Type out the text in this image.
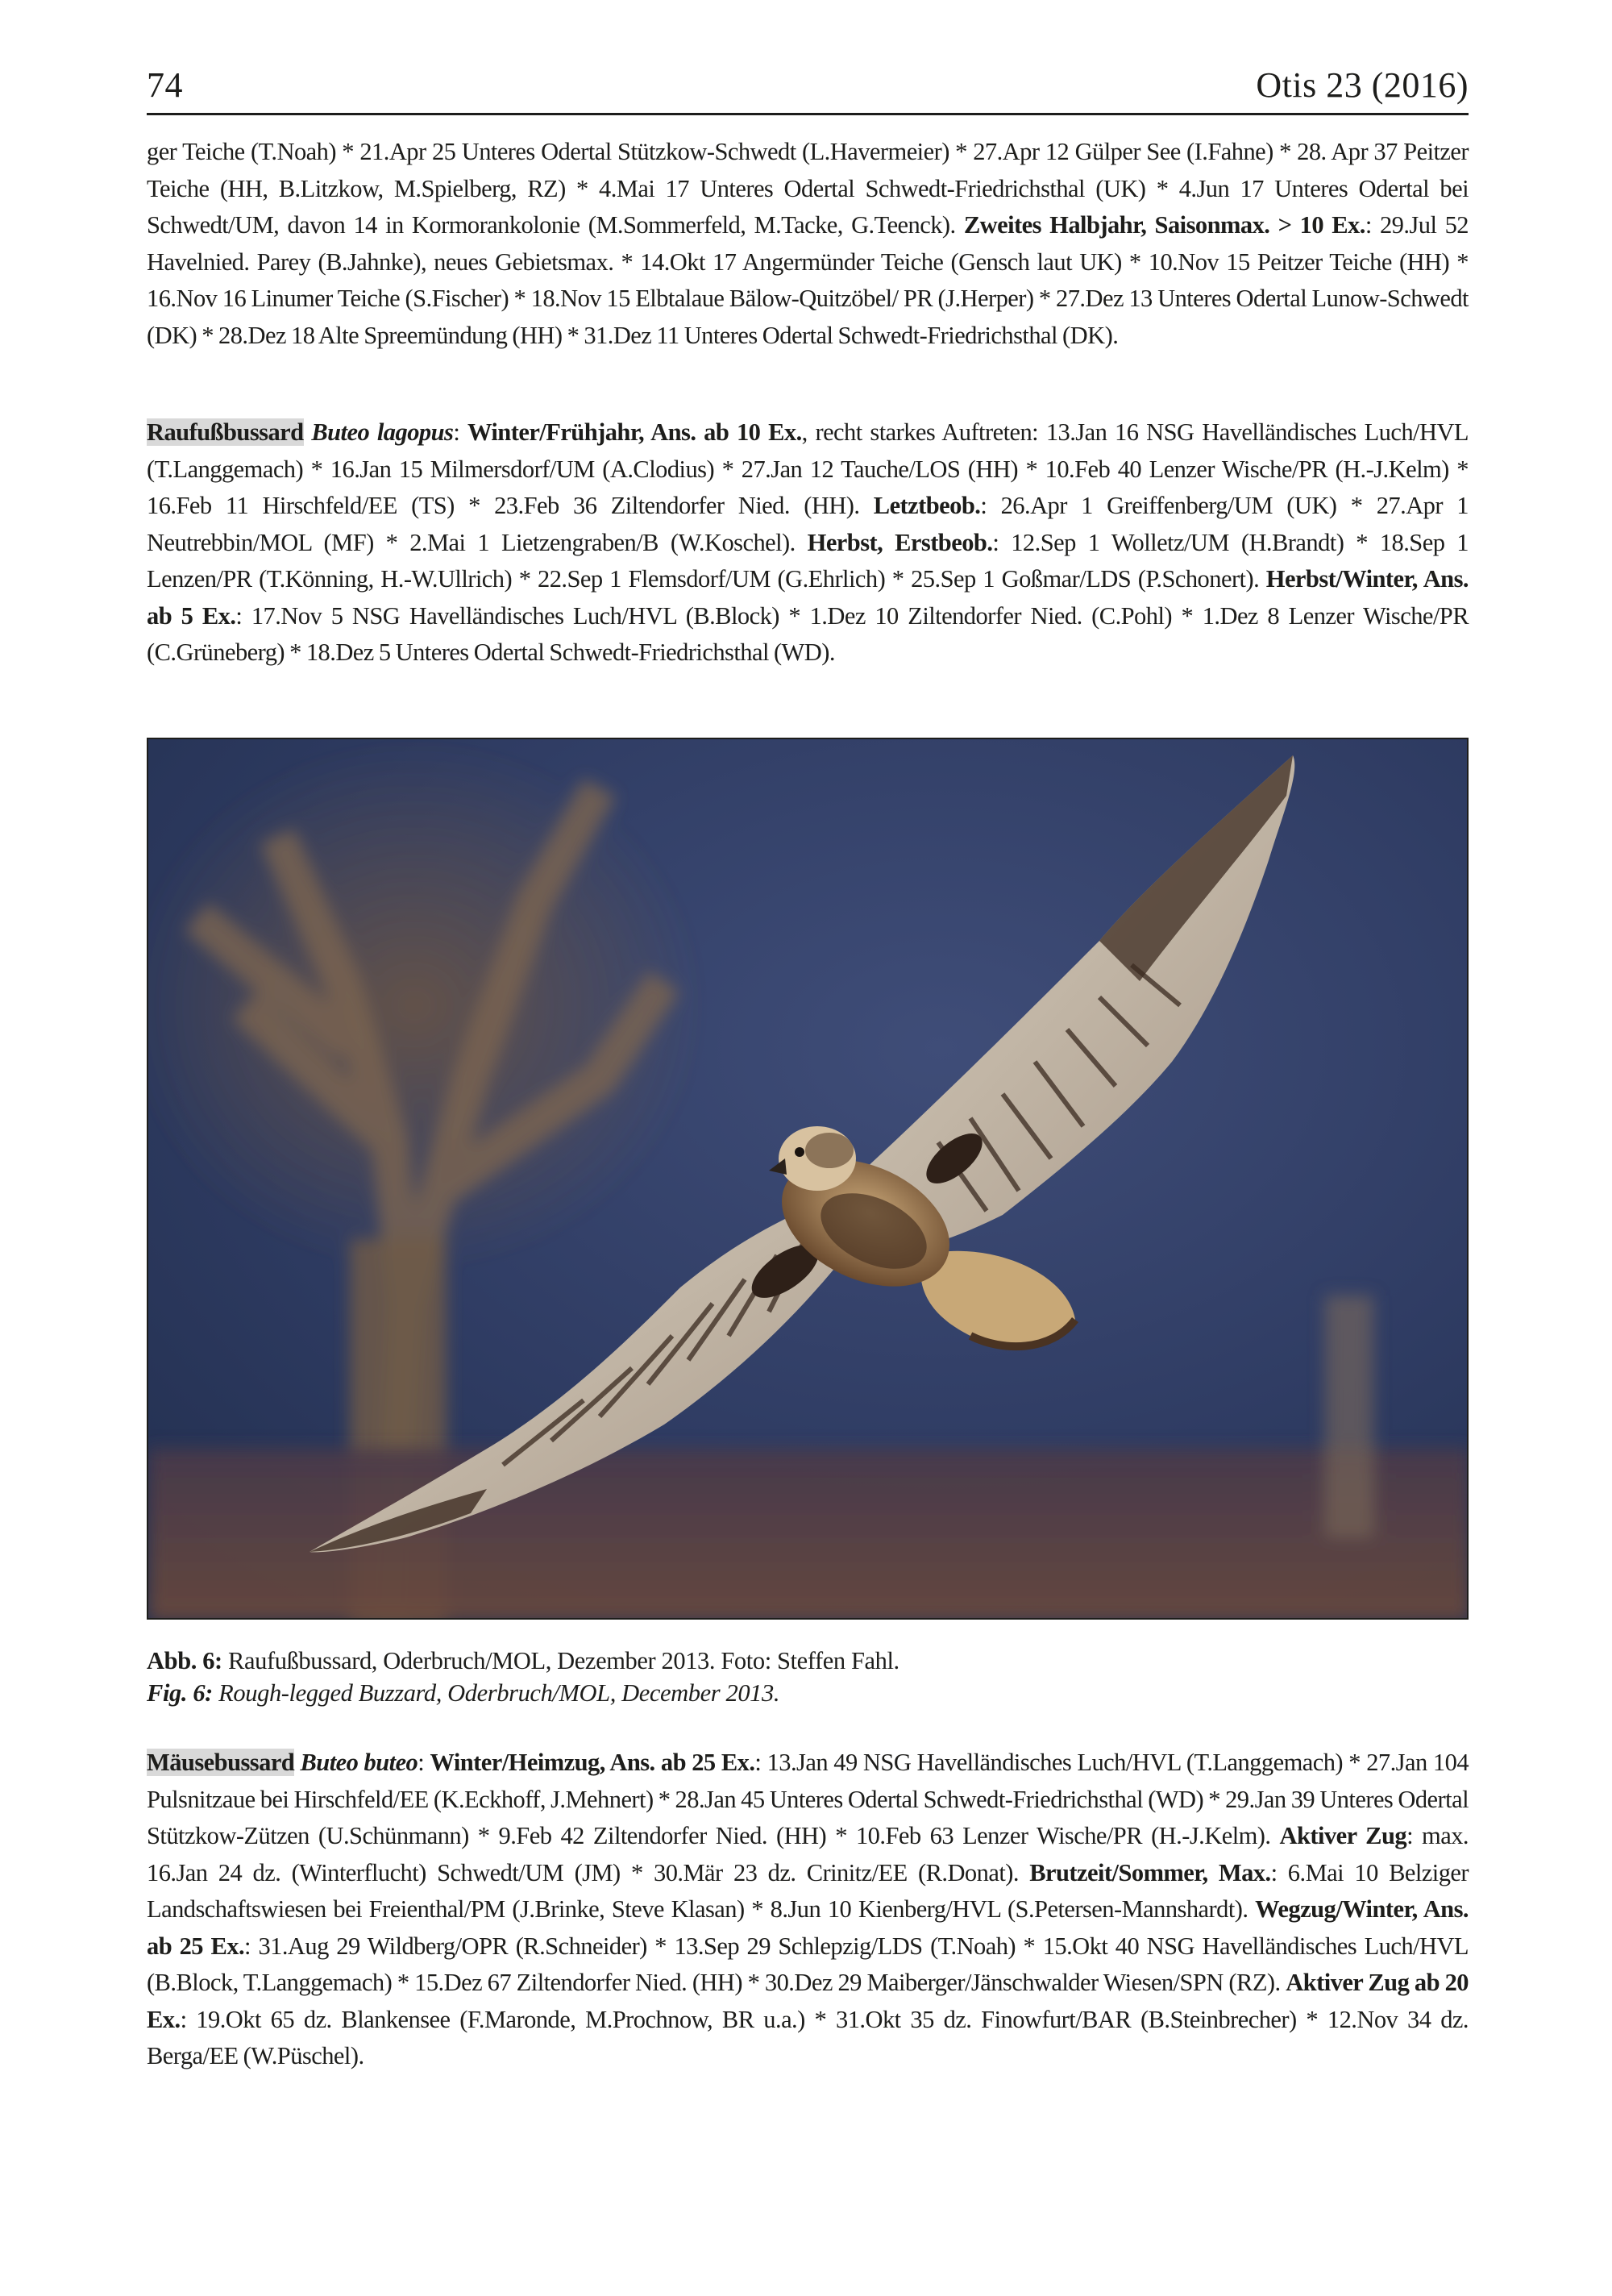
74	Otis 23 (2016)
ger Teiche (T.Noah) * 21.Apr 25 Unteres Odertal Stützkow-Schwedt (L.Havermeier) * 27.Apr 12 Gülper See (I.Fahne) * 28. Apr 37 Peitzer Teiche (HH, B.Litzkow, M.Spielberg, RZ) * 4.Mai 17 Unteres Odertal Schwedt-Friedrichsthal (UK) * 4.Jun 17 Unteres Odertal bei Schwedt/UM, davon 14 in Kormorankolonie (M.Sommerfeld, M.Tacke, G.Teenck). Zweites Halbjahr, Saisonmax. > 10 Ex.: 29.Jul 52 Havelnied. Parey (B.Jahnke), neues Gebietsmax. * 14.Okt 17 Angermünder Teiche (Gensch laut UK) * 10.Nov 15 Peitzer Teiche (HH) * 16.Nov 16 Linumer Teiche (S.Fischer) * 18.Nov 15 Elbtalaue Bälow-Quitzöbel/ PR (J.Herper) * 27.Dez 13 Unteres Odertal Lunow-Schwedt (DK) * 28.Dez 18 Alte Spreemündung (HH) * 31.Dez 11 Unteres Odertal Schwedt-Friedrichsthal (DK).
Raufußbussard Buteo lagopus: Winter/Frühjahr, Ans. ab 10 Ex., recht starkes Auftreten: 13.Jan 16 NSG Havelländisches Luch/HVL (T.Langgemach) * 16.Jan 15 Milmersdorf/UM (A.Clodius) * 27.Jan 12 Tauche/LOS (HH) * 10.Feb 40 Lenzer Wische/PR (H.-J.Kelm) * 16.Feb 11 Hirschfeld/EE (TS) * 23.Feb 36 Ziltendorfer Nied. (HH). Letztbeob.: 26.Apr 1 Greiffenberg/UM (UK) * 27.Apr 1 Neutrebbin/MOL (MF) * 2.Mai 1 Lietzengraben/B (W.Koschel). Herbst, Erstbeob.: 12.Sep 1 Wolletz/UM (H.Brandt) * 18.Sep 1 Lenzen/PR (T.Könning, H.-W.Ullrich) * 22.Sep 1 Flemsdorf/UM (G.Ehrlich) * 25.Sep 1 Goßmar/LDS (P.Schonert). Herbst/Winter, Ans. ab 5 Ex.: 17.Nov 5 NSG Havelländisches Luch/HVL (B.Block) * 1.Dez 10 Ziltendorfer Nied. (C.Pohl) * 1.Dez 8 Lenzer Wische/PR (C.Grüneberg) * 18.Dez 5 Unteres Odertal Schwedt-Friedrichsthal (WD).
Abb. 6: Raufußbussard, Oderbruch/MOL, Dezember 2013. Foto: Steffen Fahl.
Fig. 6: Rough-legged Buzzard, Oderbruch/MOL, December 2013.
Mäusebussard Buteo buteo: Winter/Heimzug, Ans. ab 25 Ex.: 13.Jan 49 NSG Havelländisches Luch/HVL (T.Langgemach) * 27.Jan 104 Pulsnitzaue bei Hirschfeld/EE (K.Eckhoff, J.Mehnert) * 28.Jan 45 Unteres Odertal Schwedt-Friedrichsthal (WD) * 29.Jan 39 Unteres Odertal Stützkow-Zützen (U.Schünmann) * 9.Feb 42 Ziltendorfer Nied. (HH) * 10.Feb 63 Lenzer Wische/PR (H.-J.Kelm). Aktiver Zug: max. 16.Jan 24 dz. (Winterflucht) Schwedt/UM (JM) * 30.Mär 23 dz. Crinitz/EE (R.Donat). Brutzeit/Sommer, Max.: 6.Mai 10 Belziger Landschaftswiesen bei Freienthal/PM (J.Brinke, Steve Klasan) * 8.Jun 10 Kienberg/HVL (S.Petersen-Mannshardt). Wegzug/Winter, Ans. ab 25 Ex.: 31.Aug 29 Wildberg/OPR (R.Schneider) * 13.Sep 29 Schlepzig/LDS (T.Noah) * 15.Okt 40 NSG Havelländisches Luch/HVL (B.Block, T.Langgemach) * 15.Dez 67 Ziltendorfer Nied. (HH) * 30.Dez 29 Maiberger/Jänschwalder Wiesen/SPN (RZ). Aktiver Zug ab 20 Ex.: 19.Okt 65 dz. Blankensee (F.Maronde, M.Prochnow, BR u.a.) * 31.Okt 35 dz. Finowfurt/BAR (B.Steinbrecher) * 12.Nov 34 dz. Berga/EE (W.Püschel).
